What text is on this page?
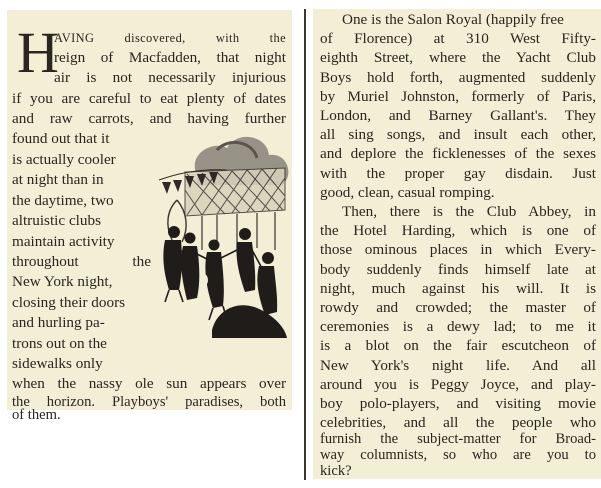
H
AVING discovered, with the
reign of Macfadden, that night
air is not necessarily injurious
if you are careful to eat plenty of dates
and raw carrots, and having further
found out that it
is actually cooler
at night than in
the daytime, two
altruistic clubs
maintain activity
throughout the
New York night,
closing their doors
and hurling pa-
trons out on the
sidewalks only
when the nassy ole sun appears over
the horizon. Playboys' paradises, both
of them.
One is the Salon Royal (happily free
of Florence) at 310 West Fifty-
eighth Street, where the Yacht Club
Boys hold forth, augmented suddenly
by Muriel Johnston, formerly of Paris,
London, and Barney Gallant's. They
all sing songs, and insult each other,
and deplore the ficklenesses of the sexes
with the proper gay disdain. Just
good, clean, casual romping.
Then, there is the Club Abbey, in
the Hotel Harding, which is one of
those ominous places in which Every-
body suddenly finds himself late at
night, much against his will. It is
rowdy and crowded; the master of
ceremonies is a dewy lad; to me it
is a blot on the fair escutcheon of
New York's night life. And all
around you is Peggy Joyce, and play-
boy polo-players, and visiting movie
celebrities, and all the people who
furnish the subject-matter for Broad-
way columnists, so who are you to
kick?
